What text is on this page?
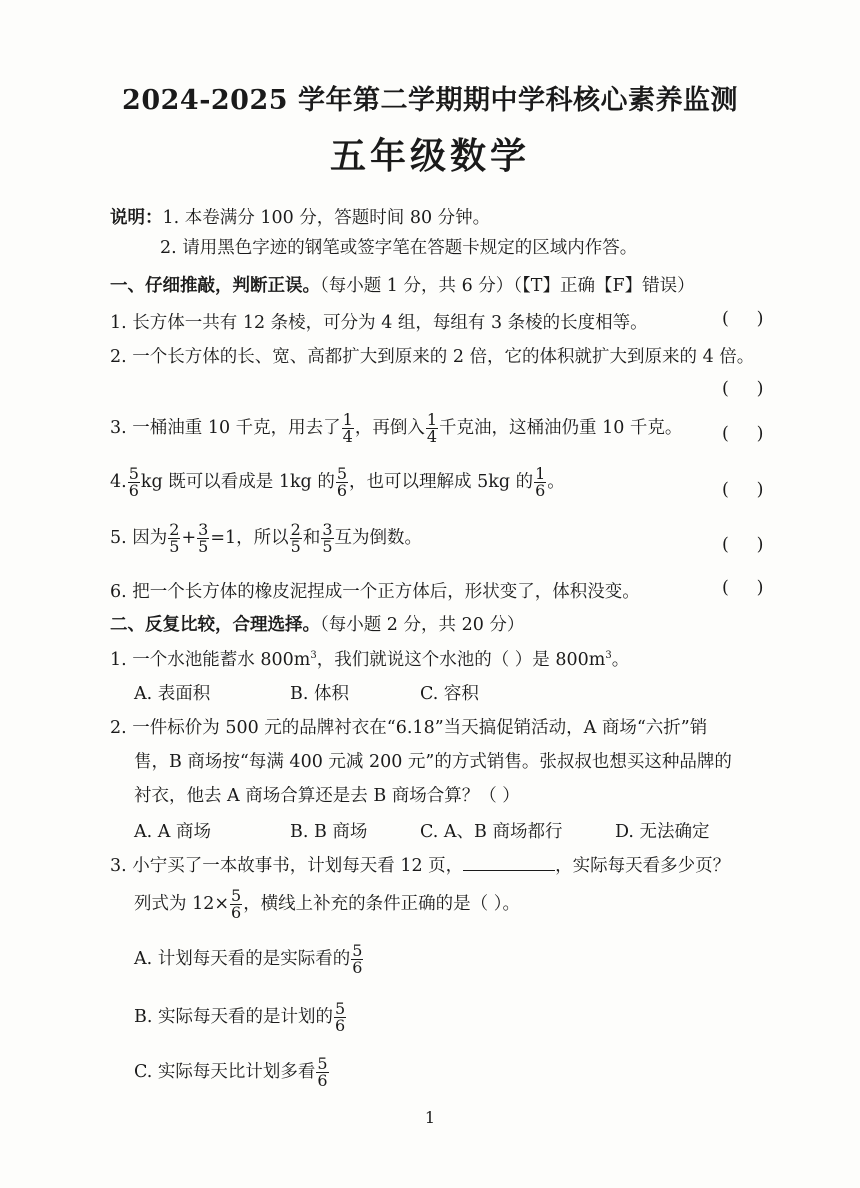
2024-2025 学年第二学期期中学科核心素养监测
五年级数学
说明：1. 本卷满分 100 分，答题时间 80 分钟。
2. 请用黑色字迹的钢笔或签字笔在答题卡规定的区域内作答。
一、仔细推敲，判断正误。（每小题 1 分，共 6 分）（【T】正确【F】错误）
1. 长方体一共有 12 条棱，可分为 4 组，每组有 3 条棱的长度相等。	(     )
2. 一个长方体的长、宽、高都扩大到原来的 2 倍，它的体积就扩大到原来的 4 倍。
(     )
3. 一桶油重 10 千克，用去了 $\frac{1}{4}$ ，再倒入 $\frac{1}{4}$ 千克油，这桶油仍重 10 千克。 (     )
4. $\frac{5}{6}$ kg 既可以看成是 1kg 的 $\frac{5}{6}$ ，也可以理解成 5kg 的 $\frac{1}{6}$ 。	(     )
5. 因为 $\frac{2}{5} + \frac{3}{5} =1$，所以 $\frac{2}{5}$ 和 $\frac{3}{5}$ 互为倒数。	(     )
6. 把一个长方体的橡皮泥捏成一个正方体后，形状变了，体积没变。	(     )
二、反复比较，合理选择。（每小题 2 分，共 20 分）
1. 一个水池能蓄水 $800m^3$，我们就说这个水池的（ ）是 $800m^3$。
A. 表面积	B. 体积	C. 容积
2. 一件标价为 500 元的品牌衬衣在“6.18”当天搞促销活动，A 商场“六折”销
售，B 商场按“每满 400 元减 200 元”的方式销售。张叔叔也想买这种品牌的
衬衣，他去 A 商场合算还是去 B 商场合算？（ ）
A. A 商场	B. B 商场	C. A、B 商场都行	D. 无法确定
3. 小宁买了一本故事书，计划每天看 12 页，	，实际每天看多少页？
列式为 $12\times \frac{5}{6}$ ，横线上补充的条件正确的是（ ）。
A. 计划每天看的是实际看的 $\frac{5}{6}$
B. 实际每天看的是计划的 $\frac{5}{6}$
C. 实际每天比计划多看 $\frac{5}{6}$
1
